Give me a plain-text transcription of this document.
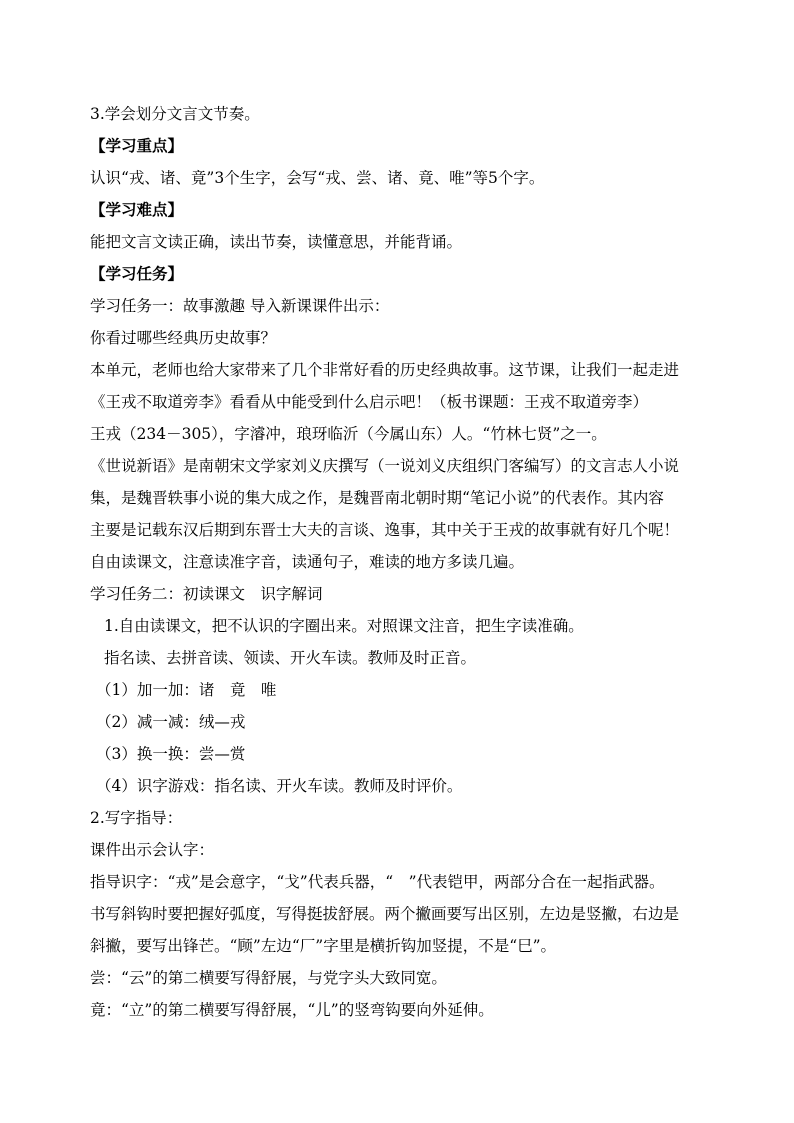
3.学会划分文言文节奏。

【学习重点】

认识“戎、诸、竟”3个生字，会写“戎、尝、诸、竟、唯”等5个字。

【学习难点】

能把文言文读正确，读出节奏，读懂意思，并能背诵。

【学习任务】

学习任务一：故事激趣 导入新课课件出示：

你看过哪些经典历史故事？

本单元，老师也给大家带来了几个非常好看的历史经典故事。这节课，让我们一起走进

《王戎不取道旁李》看看从中能受到什么启示吧！（板书课题：王戎不取道旁李）

王戎（234－305），字濬冲，琅玡临沂（今属山东）人。“竹林七贤”之一。

《世说新语》是南朝宋文学家刘义庆撰写（一说刘义庆组织门客编写）的文言志人小说

集，是魏晋轶事小说的集大成之作，是魏晋南北朝时期“笔记小说”的代表作。其内容

主要是记载东汉后期到东晋士大夫的言谈、逸事，其中关于王戎的故事就有好几个呢！

自由读课文，注意读准字音，读通句子，难读的地方多读几遍。

学习任务二：初读课文　识字解词

1.自由读课文，把不认识的字圈出来。对照课文注音，把生字读准确。

指名读、去拼音读、领读、开火车读。教师及时正音。

（1）加一加：诸　竟　唯

（2）减一减：绒—戎

（3）换一换：尝—赏

（4）识字游戏：指名读、开火车读。教师及时评价。

2.写字指导：

课件出示会认字：

指导识字：“戎”是会意字，“戈”代表兵器，“　”代表铠甲，两部分合在一起指武器。

书写斜钩时要把握好弧度，写得挺拔舒展。两个撇画要写出区别，左边是竖撇，右边是

斜撇，要写出锋芒。“顾”左边“厂”字里是横折钩加竖提，不是“巳”。

尝：“云”的第二横要写得舒展，与党字头大致同宽。

竟：“立”的第二横要写得舒展，“儿”的竖弯钩要向外延伸。
